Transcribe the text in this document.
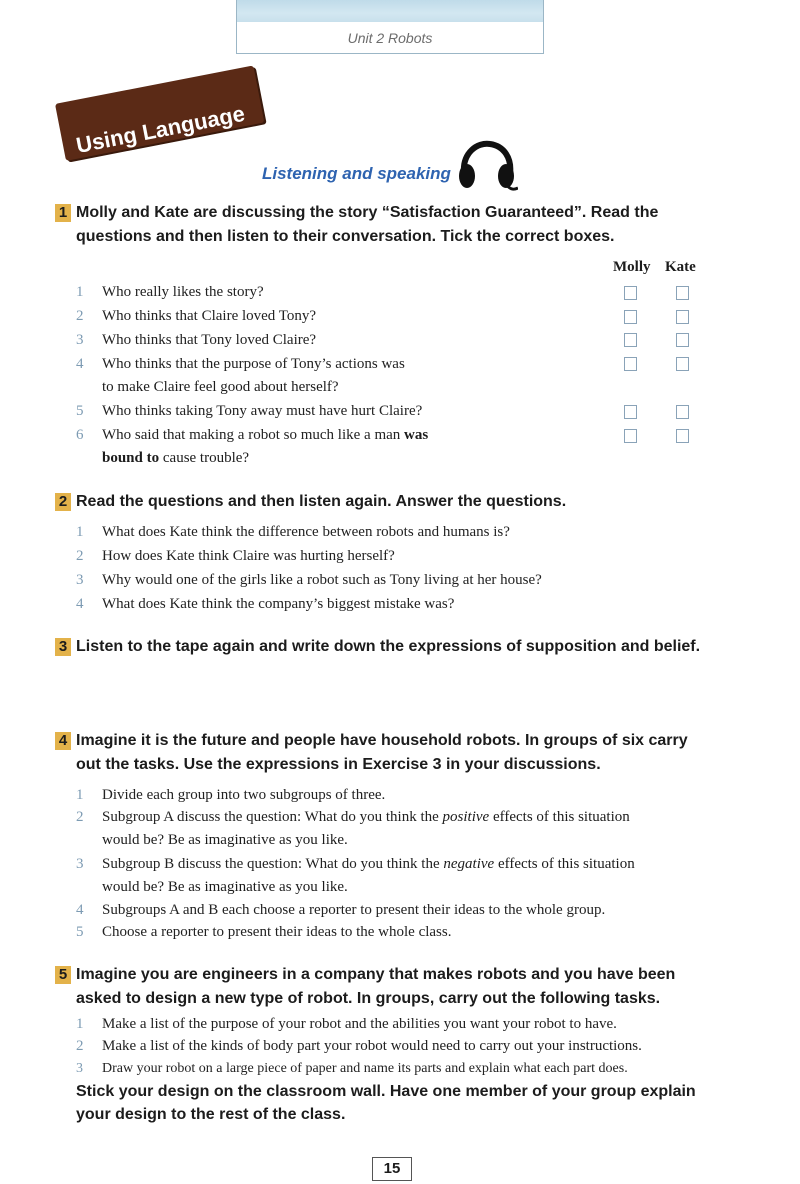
Unit 2 Robots
Using Language
Listening and speaking
1 Molly and Kate are discussing the story “Satisfaction Guaranteed”. Read the
questions and then listen to their conversation. Tick the correct boxes.
Molly Kate
1 Who really likes the story?
2 Who thinks that Claire loved Tony?
3 Who thinks that Tony loved Claire?
4 Who thinks that the purpose of Tony’s actions was
to make Claire feel good about herself?
5 Who thinks taking Tony away must have hurt Claire?
6 Who said that making a robot so much like a man was
bound to cause trouble?
2 Read the questions and then listen again. Answer the questions.
1 What does Kate think the difference between robots and humans is?
2 How does Kate think Claire was hurting herself?
3 Why would one of the girls like a robot such as Tony living at her house?
4 What does Kate think the company’s biggest mistake was?
3 Listen to the tape again and write down the expressions of supposition and belief.
4 Imagine it is the future and people have household robots. In groups of six carry
out the tasks. Use the expressions in Exercise 3 in your discussions.
1 Divide each group into two subgroups of three.
2 Subgroup A discuss the question: What do you think the positive effects of this situation
would be? Be as imaginative as you like.
3 Subgroup B discuss the question: What do you think the negative effects of this situation
would be? Be as imaginative as you like.
4 Subgroups A and B each choose a reporter to present their ideas to the whole group.
5 Choose a reporter to present their ideas to the whole class.
5 Imagine you are engineers in a company that makes robots and you have been
asked to design a new type of robot. In groups, carry out the following tasks.
1 Make a list of the purpose of your robot and the abilities you want your robot to have.
2 Make a list of the kinds of body part your robot would need to carry out your instructions.
3 Draw your robot on a large piece of paper and name its parts and explain what each part does.
Stick your design on the classroom wall. Have one member of your group explain
your design to the rest of the class.
15
